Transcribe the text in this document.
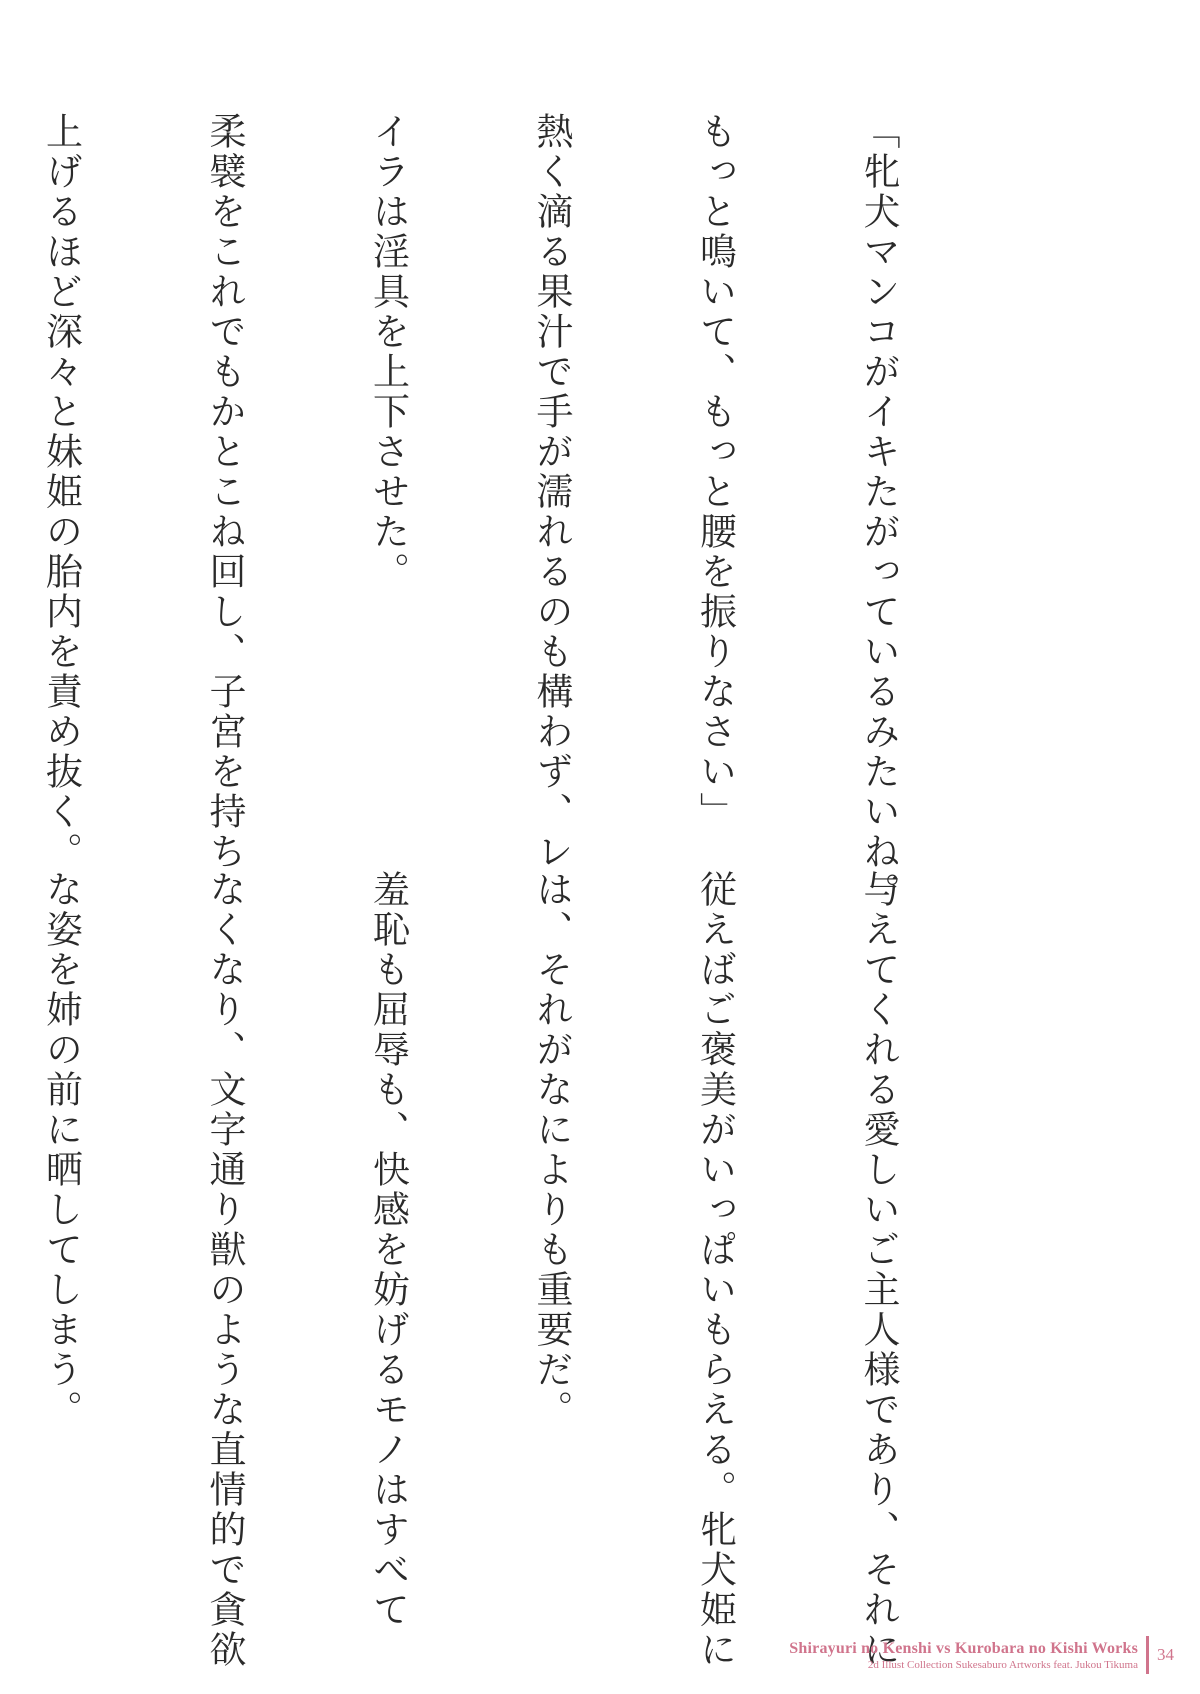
「牝犬マンコがイキたがっているみたいね。

もっと鳴いて、もっと腰を振りなさい」

熱く滴る果汁で手が濡れるのも構わず、レ

イラは淫具を上下させた。

柔襞をこれでもかとこね回し、子宮を持ち

上げるほど深々と妹姫の胎内を責め抜く。

与えてくれる愛しいご主人様であり、それに

従えばご褒美がいっぱいもらえる。牝犬姫に

は、それがなによりも重要だ。

羞恥も屈辱も、快感を妨げるモノはすべて

なくなり、文字通り獣のような直情的で貪欲

な姿を姉の前に晒してしまう。

Shirayuri no Kenshi vs Kurobara no Kishi Works
2d Illust Collection Sukesaburo Artworks feat. Jukou Tikuma
34
